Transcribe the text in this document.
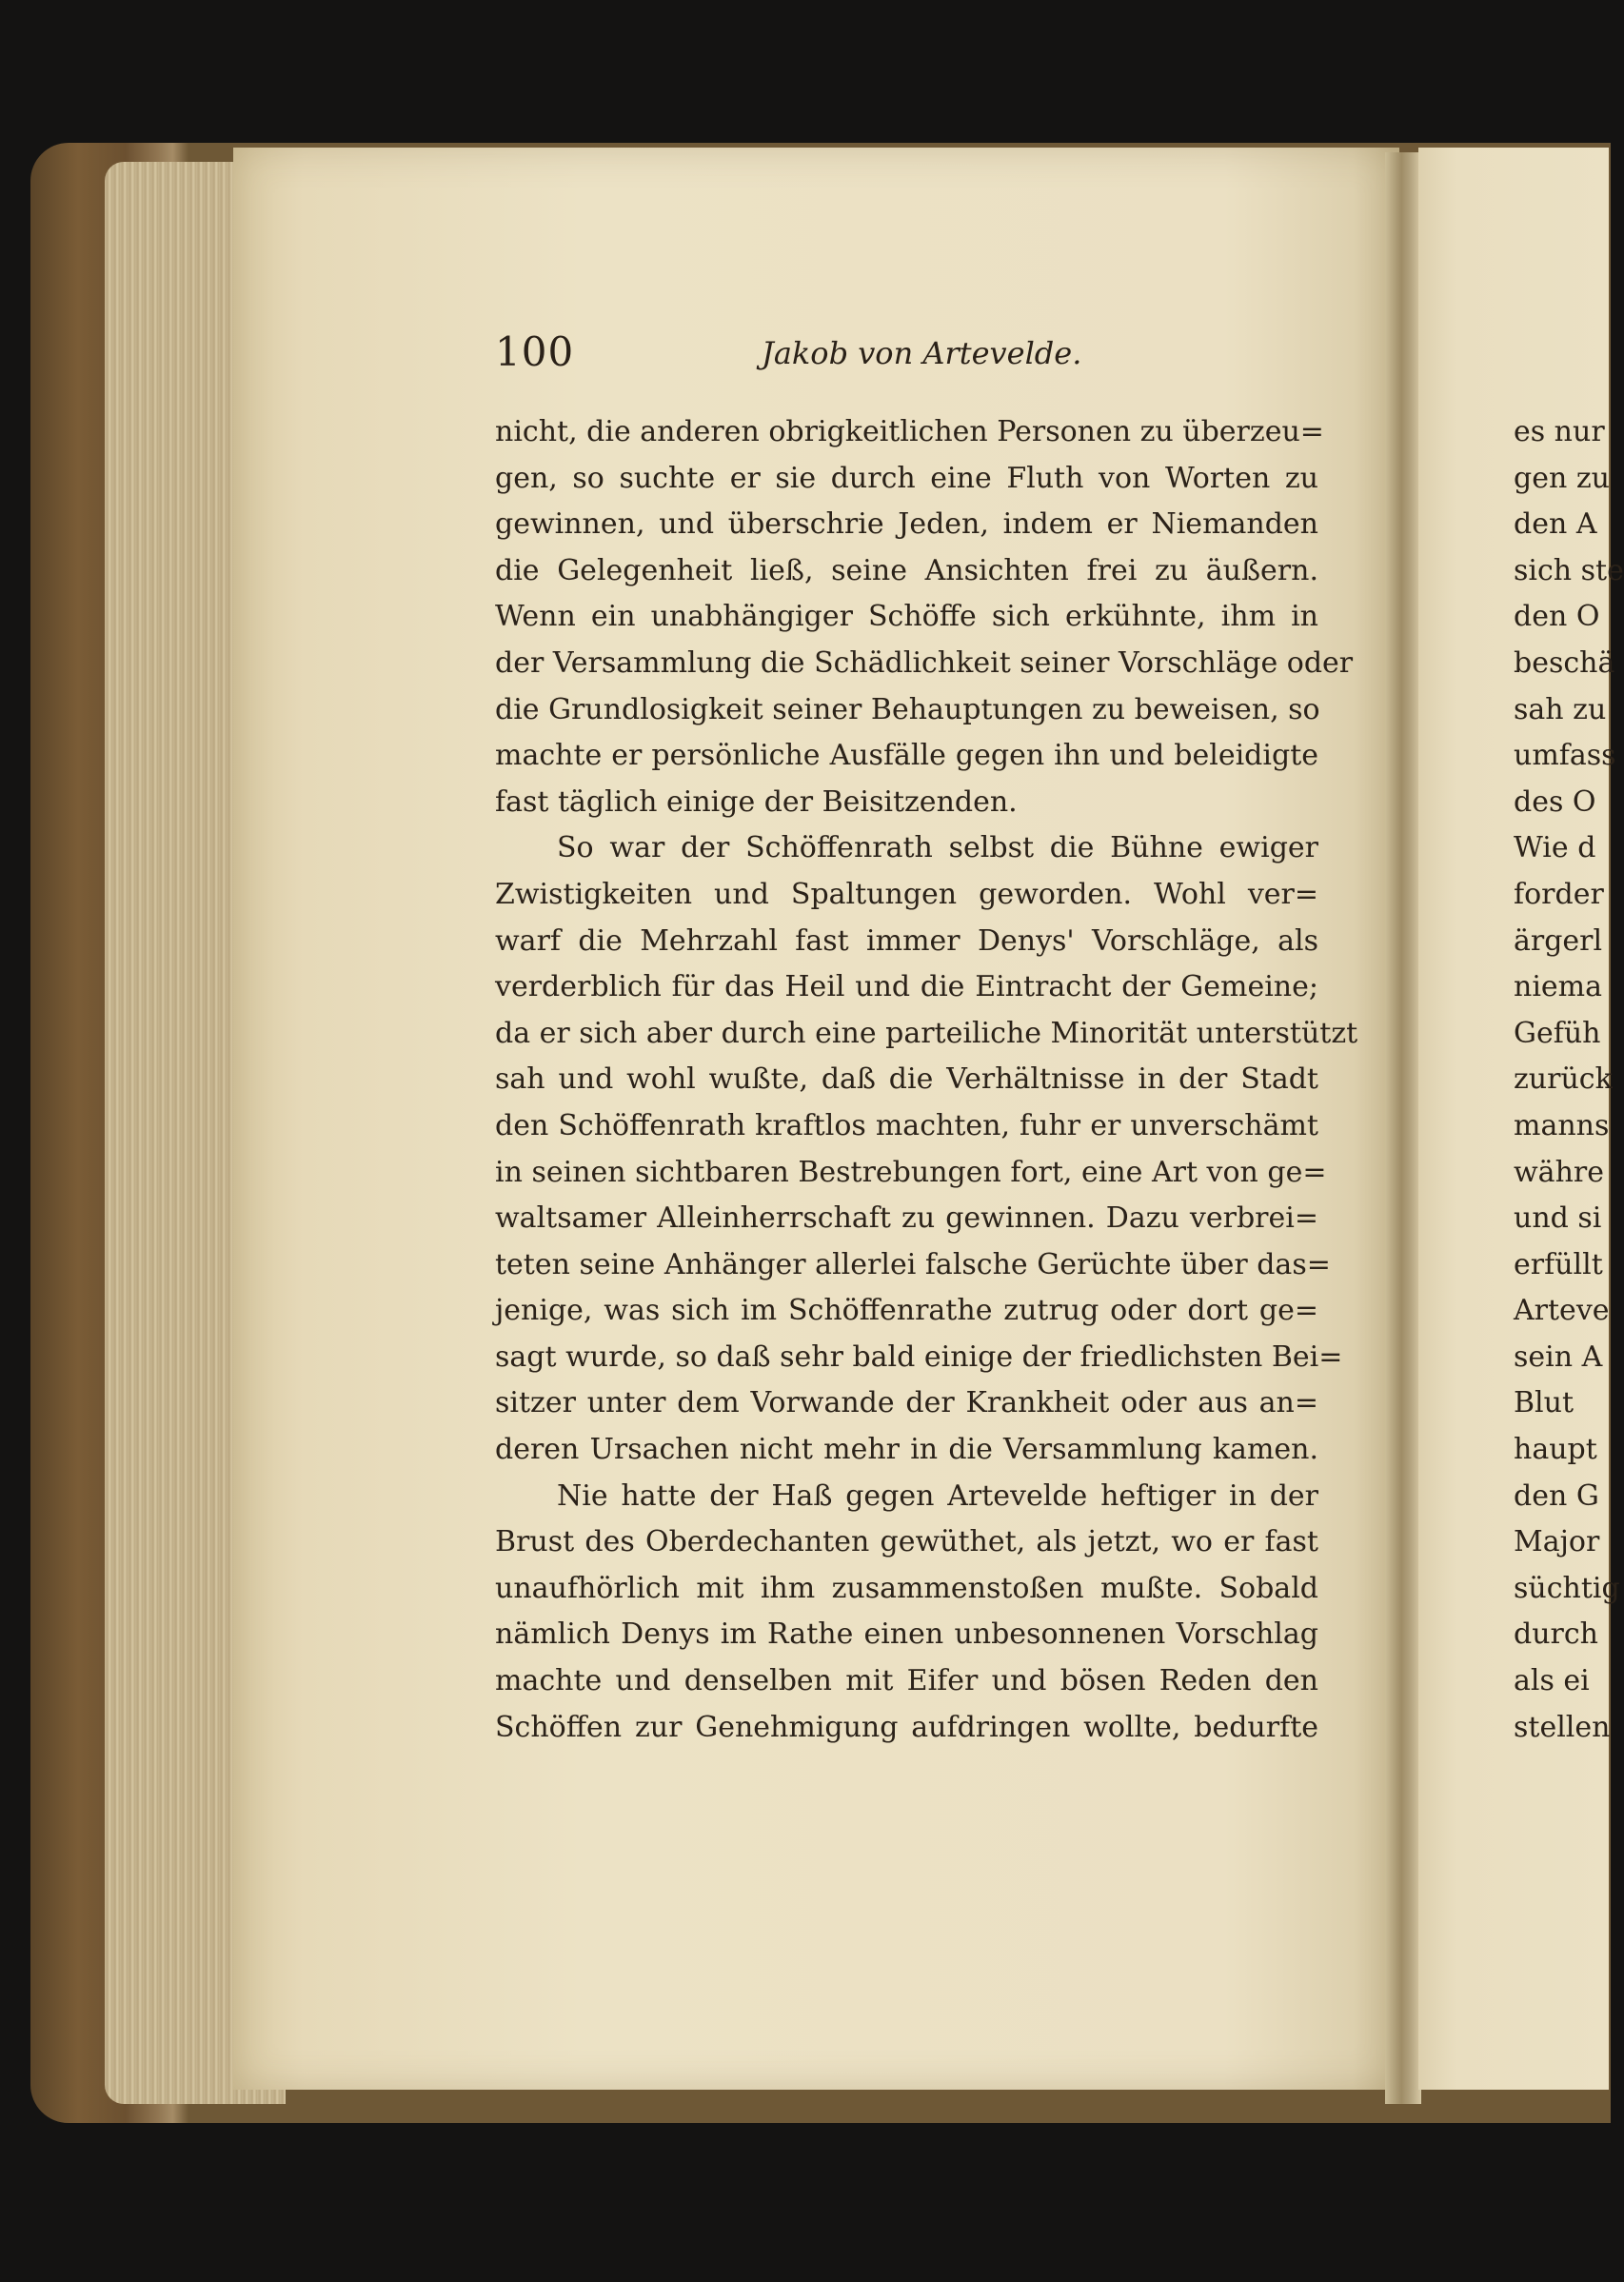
100	Jakob von Artevelde.
nicht, die anderen obrigkeitlichen Personen zu überzeu=
gen, so suchte er sie durch eine Fluth von Worten zu
gewinnen, und überschrie Jeden, indem er Niemanden
die Gelegenheit ließ, seine Ansichten frei zu äußern.
Wenn ein unabhängiger Schöffe sich erkühnte, ihm in
der Versammlung die Schädlichkeit seiner Vorschläge oder
die Grundlosigkeit seiner Behauptungen zu beweisen, so
machte er persönliche Ausfälle gegen ihn und beleidigte
fast täglich einige der Beisitzenden.
So war der Schöffenrath selbst die Bühne ewiger
Zwistigkeiten und Spaltungen geworden. Wohl ver=
warf die Mehrzahl fast immer Denys' Vorschläge, als
verderblich für das Heil und die Eintracht der Gemeine;
da er sich aber durch eine parteiliche Minorität unterstützt
sah und wohl wußte, daß die Verhältnisse in der Stadt
den Schöffenrath kraftlos machten, fuhr er unverschämt
in seinen sichtbaren Bestrebungen fort, eine Art von ge=
waltsamer Alleinherrschaft zu gewinnen. Dazu verbrei=
teten seine Anhänger allerlei falsche Gerüchte über das=
jenige, was sich im Schöffenrathe zutrug oder dort ge=
sagt wurde, so daß sehr bald einige der friedlichsten Bei=
sitzer unter dem Vorwande der Krankheit oder aus an=
deren Ursachen nicht mehr in die Versammlung kamen.
Nie hatte der Haß gegen Artevelde heftiger in der
Brust des Oberdechanten gewüthet, als jetzt, wo er fast
unaufhörlich mit ihm zusammenstoßen mußte. Sobald
nämlich Denys im Rathe einen unbesonnenen Vorschlag
machte und denselben mit Eifer und bösen Reden den
Schöffen zur Genehmigung aufdringen wollte, bedurfte
es nur
gen zu
den A
sich ste
den O
beschä
sah zu
umfass
des O
Wie d
forder
ärgerl
niema
Gefüh
zurück
manns
währe
und si
erfüllt
Arteve
sein A
Blut
haupt
den G
Major
süchtig
durch
als ei
stellen
